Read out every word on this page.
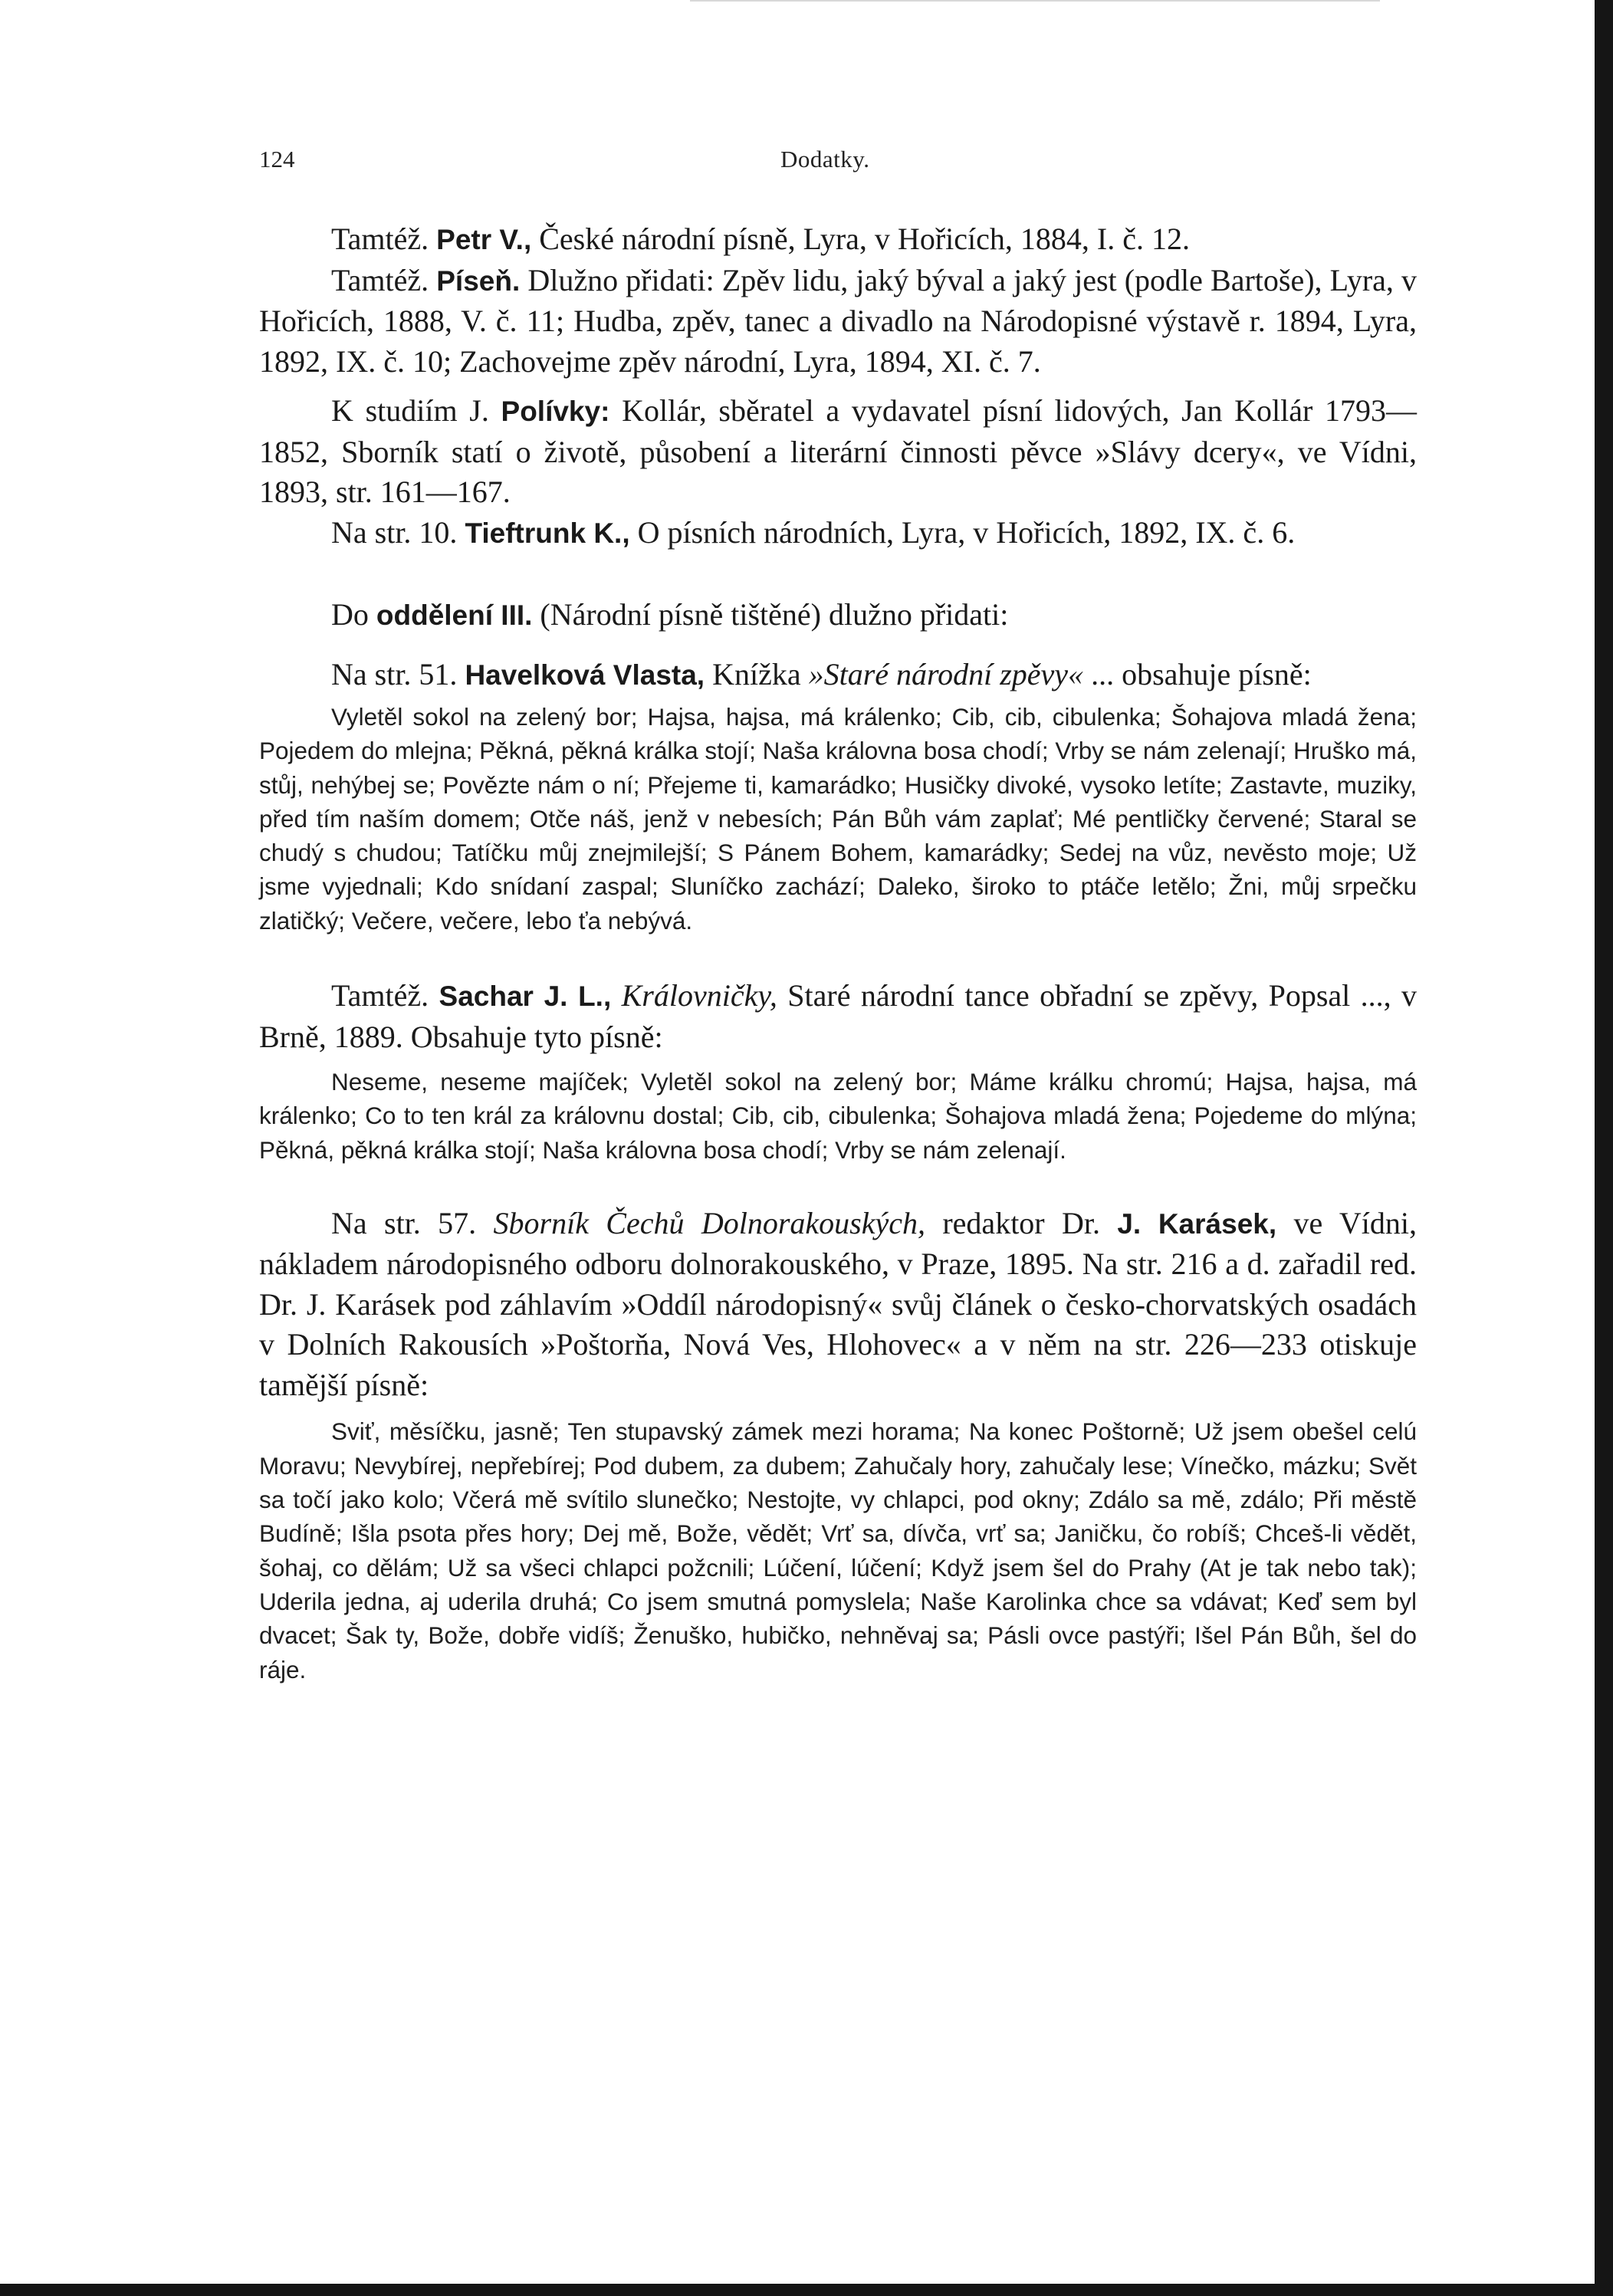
124	Dodatky.

Tamtéž. Petr V., České národní písně, Lyra, v Hořicích, 1884, I. č. 12.

Tamtéž. Píseň. Dlužno přidati: Zpěv lidu, jaký býval a jaký jest (podle Bartoše), Lyra, v Hořicích, 1888, V. č. 11; Hudba, zpěv, tanec a divadlo na Národopisné výstavě r. 1894, Lyra, 1892, IX. č. 10; Zachovejme zpěv národní, Lyra, 1894, XI. č. 7.

K studiím J. Polívky: Kollár, sběratel a vydavatel písní lidových, Jan Kollár 1793—1852, Sborník statí o životě, působení a literární činnosti pěvce »Slávy dcery«, ve Vídni, 1893, str. 161—167.

Na str. 10. Tieftrunk K., O písních národních, Lyra, v Hořicích, 1892, IX. č. 6.

Do oddělení III. (Národní písně tištěné) dlužno přidati:

Na str. 51. Havelková Vlasta, Knížka »Staré národní zpěvy« ... obsahuje písně:

Vyletěl sokol na zelený bor; Hajsa, hajsa, má králenko; Cib, cib, cibulenka; Šohajova mladá žena; Pojedem do mlejna; Pěkná, pěkná králka stojí; Naša královna bosa chodí; Vrby se nám zelenají; Hruško má, stůj, nehýbej se; Povězte nám o ní; Přejeme ti, kamarádko; Husičky divoké, vysoko letíte; Zastavte, muziky, před tím naším domem; Otče náš, jenž v nebesích; Pán Bůh vám zaplať; Mé pentličky červené; Staral se chudý s chudou; Tatíčku můj znejmilejší; S Pánem Bohem, kamarádky; Sedej na vůz, nevěsto moje; Už jsme vyjednali; Kdo snídaní zaspal; Sluníčko zachází; Daleko, široko to ptáče letělo; Žni, můj srpečku zlatičký; Večere, večere, lebo ťa nebývá.

Tamtéž. Sachar J. L., Královničky, Staré národní tance obřadní se zpěvy, Popsal ..., v Brně, 1889. Obsahuje tyto písně:

Neseme, neseme majíček; Vyletěl sokol na zelený bor; Máme králku chromú; Hajsa, hajsa, má králenko; Co to ten král za královnu dostal; Cib, cib, cibulenka; Šohajova mladá žena; Pojedeme do mlýna; Pěkná, pěkná králka stojí; Naša královna bosa chodí; Vrby se nám zelenají.

Na str. 57. Sborník Čechů Dolnorakouských, redaktor Dr. J. Karásek, ve Vídni, nákladem národopisného odboru dolnorakouského, v Praze, 1895. Na str. 216 a d. zařadil red. Dr. J. Karásek pod záhlavím »Oddíl národopisný« svůj článek o česko-chorvatských osadách v Dolních Rakousích »Poštorňa, Nová Ves, Hlohovec« a v něm na str. 226—233 otiskuje tamější písně:

Sviť, měsíčku, jasně; Ten stupavský zámek mezi horama; Na konec Poštorně; Už jsem obešel celú Moravu; Nevybírej, nepřebírej; Pod dubem, za dubem; Zahučaly hory, zahučaly lese; Vínečko, mázku; Svět sa točí jako kolo; Včerá mě svítilo slunečko; Nestojte, vy chlapci, pod okny; Zdálo sa mě, zdálo; Při městě Budíně; Išla psota přes hory; Dej mě, Bože, vědět; Vrť sa, dívča, vrť sa; Janičku, čo robíš; Chceš-li vědět, šohaj, co dělám; Už sa všeci chlapci požcnili; Lúčení, lúčení; Když jsem šel do Prahy (At je tak nebo tak); Uderila jedna, aj uderila druhá; Co jsem smutná pomyslela; Naše Karolinka chce sa vdávat; Keď sem byl dvacet; Šak ty, Bože, dobře vidíš; Ženuško, hubičko, nehněvaj sa; Pásli ovce pastýři; Išel Pán Bůh, šel do ráje.
